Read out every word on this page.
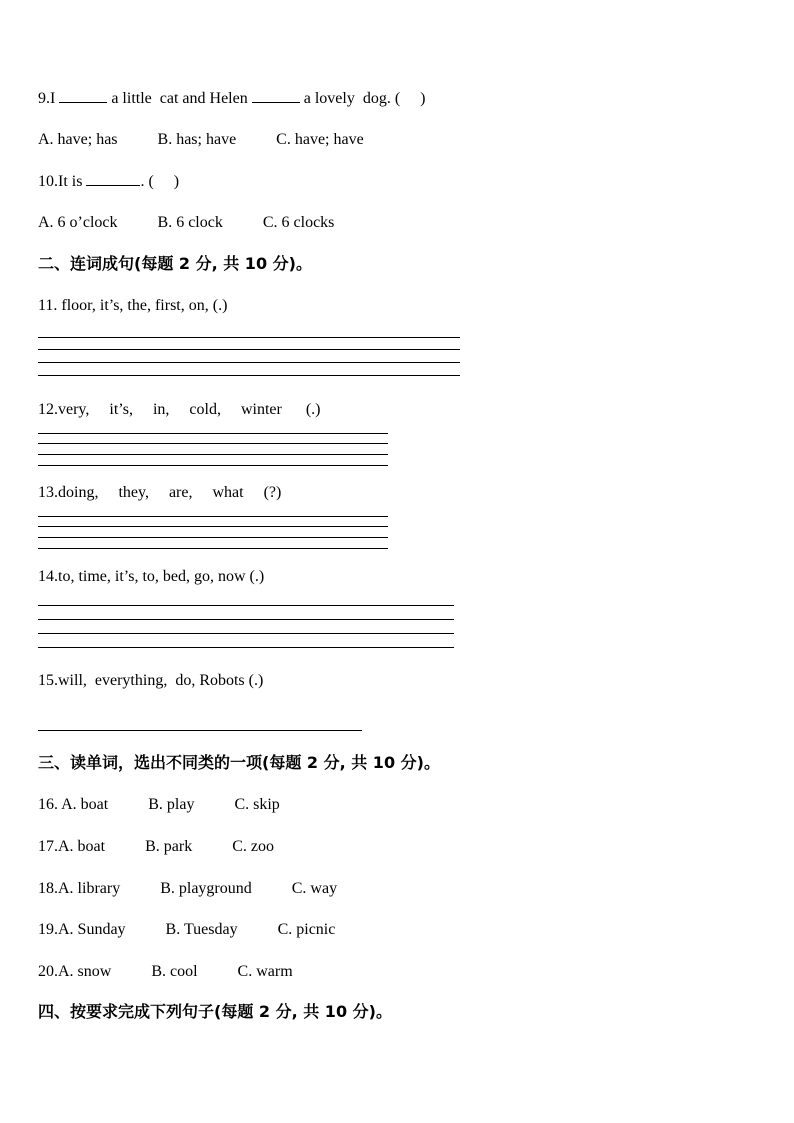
9.I	a little  cat and Helen	a lovely  dog. (     )
A. have; has          B. has; have          C. have; have
10.It is	. (     )
A. 6 o’clock          B. 6 clock          C. 6 clocks
二、连词成句(每题 2 分, 共 10 分)。
11. floor, it’s, the, first, on, (.)
12.very,     it’s,     in,     cold,     winter      (.)
13.doing,     they,     are,     what     (?)
14.to, time, it’s, to, bed, go, now (.)
15.will,  everything,  do, Robots (.)
三、读单词，选出不同类的一项(每题 2 分, 共 10 分)。
16. A. boat          B. play          C. skip
17.A. boat          B. park          C. zoo
18.A. library          B. playground          C. way
19.A. Sunday          B. Tuesday          C. picnic
20.A. snow          B. cool          C. warm
四、按要求完成下列句子(每题 2 分, 共 10 分)。
